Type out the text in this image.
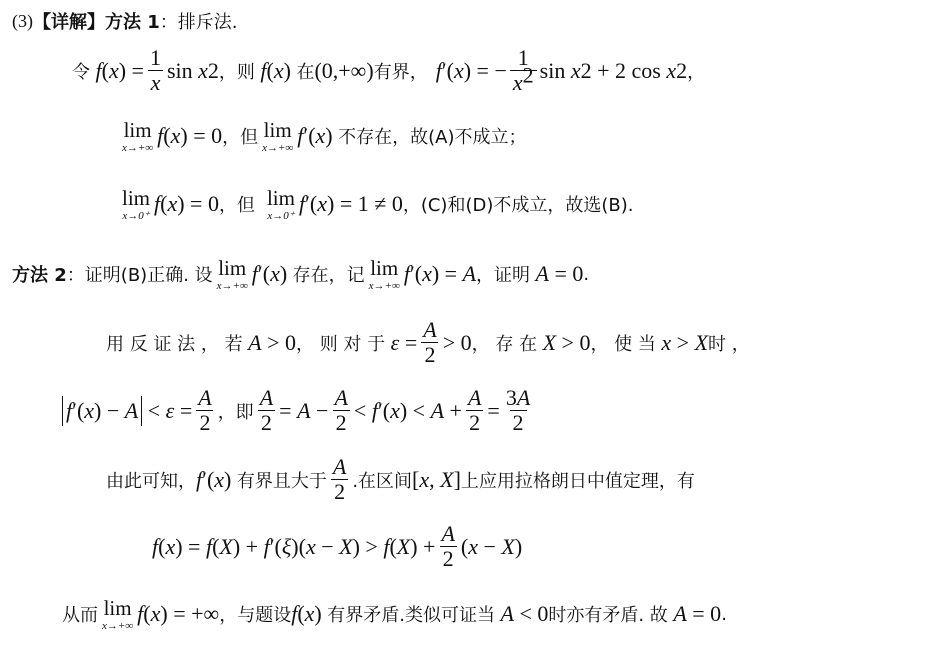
(3) 【详解】 方法 1 ：排斥法.
令 f ( x ) = $\frac{1}{x}$ sin x 2 ，则 f ( x ) 在 (0,+∞) 有界， f ′( x ) = − $\frac{1}{x^2}$ sin x 2 + 2 cos x 2 ，
lim
x→+∞ f ( x ) = 0 ，但 lim
x→+∞ f ′( x ) 不存在，故(A)不成立；
lim
x→0⁺ f ( x ) = 0 ，但 lim
x→0⁺ f ′( x ) = 1 ≠ 0 ，(C)和(D)不成立，故选(B).
方法 2 ：证明(B)正确. 设 lim
x→+∞ f ′( x ) 存在，记 lim
x→+∞ f ′( x ) = A ，证明 A = 0 .
用 反 证 法 ， 若 A > 0 ， 则 对 于 $\varepsilon = \frac{A}{2} > 0$ ， 存 在 X > 0 ， 使 当 x > X 时 ，
f ′( x ) − $A < \varepsilon = \frac{A}{2}$ ，即 $\frac{A}{2} = A - \frac{A}{2} < f$ ′( x ) < $A + \frac{A}{2} = \frac{3A}{2}$
由此可知， f ′( x ) 有界且大于 $\frac{A}{2}$ .在区间 [ x , X ] 上应用拉格朗日中值定理，有
f ( x ) = f ( X ) + f ′( ξ )( x − X ) > f ( X ) + $\frac{A}{2}$ ( x − X )
从而 lim
x→+∞ f ( x ) = +∞ ，与题设 f ( x ) 有界矛盾.类似可证当 A < 0 时亦有矛盾. 故 A = 0 .
